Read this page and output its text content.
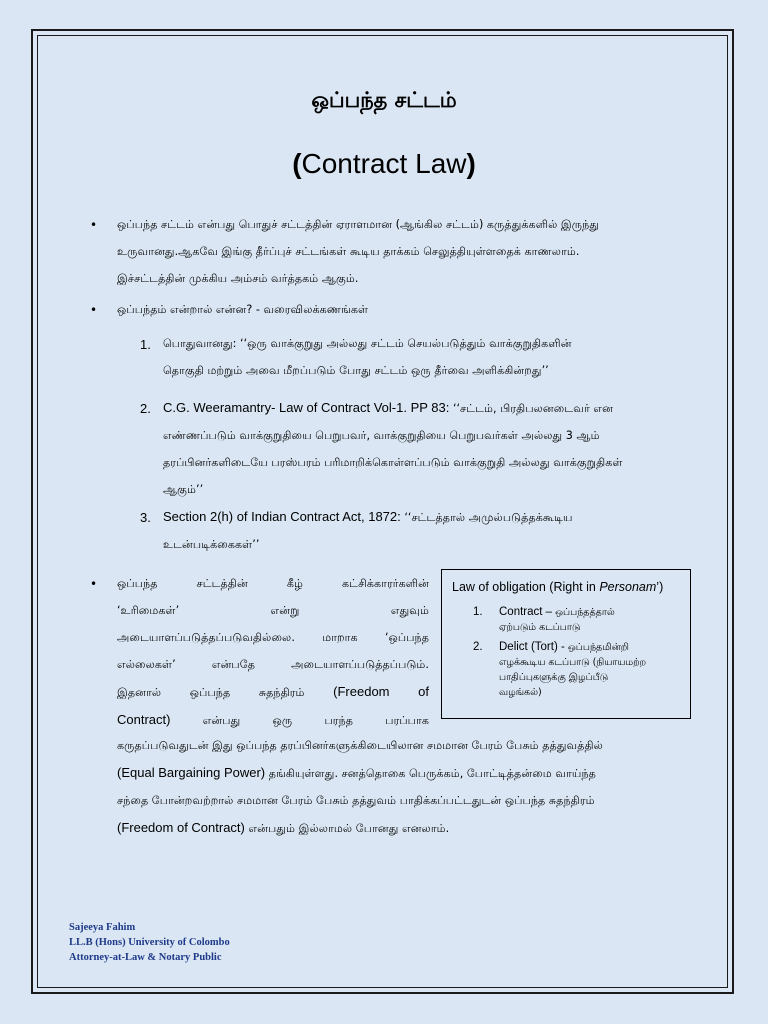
ஒப்பந்த சட்டம்
(Contract Law)
• ஒப்பந்த சட்டம் என்பது பொதுச் சட்டத்தின் ஏராளமான (ஆங்கில சட்டம்) கருத்துக்களில் இருந்து
உருவானது.ஆகவே இங்கு தீர்ப்புச் சட்டங்கள் கூடிய தாக்கம் செலுத்தியுள்ளதைக் காணலாம்.
இச்சட்டத்தின் முக்கிய அம்சம் வர்த்தகம் ஆகும்.
• ஒப்பந்தம் என்றால் என்ன? - வரைவிலக்கணங்கள்
1. பொதுவானது: ‘‘ஒரு வாக்குறுது அல்லது சட்டம் செயல்படுத்தும் வாக்குறுதிகளின்
தொகுதி மற்றும் அவை மீறப்படும் போது சட்டம் ஒரு தீர்வை அளிக்கின்றது’’
2. C.G. Weeramantry- Law of Contract Vol-1. PP 83: ‘‘சட்டம், பிரதிபலனடைவர் என
எண்ணப்படும் வாக்குறுதியை பெறுபவர், வாக்குறுதியை பெறுபவர்கள் அல்லது 3 ஆம்
தரப்பினர்களிடையே பரஸ்பரம் பரிமாறிக்கொள்ளப்படும் வாக்குறுதி அல்லது வாக்குறுதிகள்
ஆகும்’’
3. Section 2(h) of Indian Contract Act, 1872: ‘‘சட்டத்தால் அமுல்படுத்தக்கூடிய
உடன்படிக்கைகள்’’
• ஒப்பந்த சட்டத்தின் கீழ் கட்சிக்காரர்களின்
‘உரிமைகள்’ என்று எதுவும்
அடையாளப்படுத்தப்படுவதில்லை. மாறாக ‘ஒப்பந்த
எல்லைகள்’ என்பதே அடையாளப்படுத்தப்படும்.
இதனால் ஒப்பந்த சுதந்திரம் (Freedom of
Contract)	என்பது ஒரு பரந்த பரப்பாக
கருதப்படுவதுடன் இது ஒப்பந்த தரப்பினர்களுக்கிடையிலான சமமான பேரம் பேசும் தத்துவத்தில்
(Equal Bargaining Power) தங்கியுள்ளது. சனத்தொகை பெருக்கம், போட்டித்தன்மை வாய்ந்த
சந்தை போன்றவற்றால் சமமான பேரம் பேசும் தத்துவம் பாதிக்கப்பட்டதுடன் ஒப்பந்த சுதந்திரம்
(Freedom of Contract) என்பதும் இல்லாமல் போனது எனலாம்.
Law of obligation (Right in Personam’)
1. Contract – ஒப்பந்தத்தால்
ஏற்படும் கடப்பாடு
2. Delict (Tort) - ஒப்பந்தமின்றி
எழக்கூடிய கடப்பாடு (நியாயமற்ற
பாதிப்புகளுக்கு இழப்பீடு
வழங்கல்)
Sajeeya Fahim
LL.B (Hons) University of Colombo
Attorney-at-Law & Notary Public
